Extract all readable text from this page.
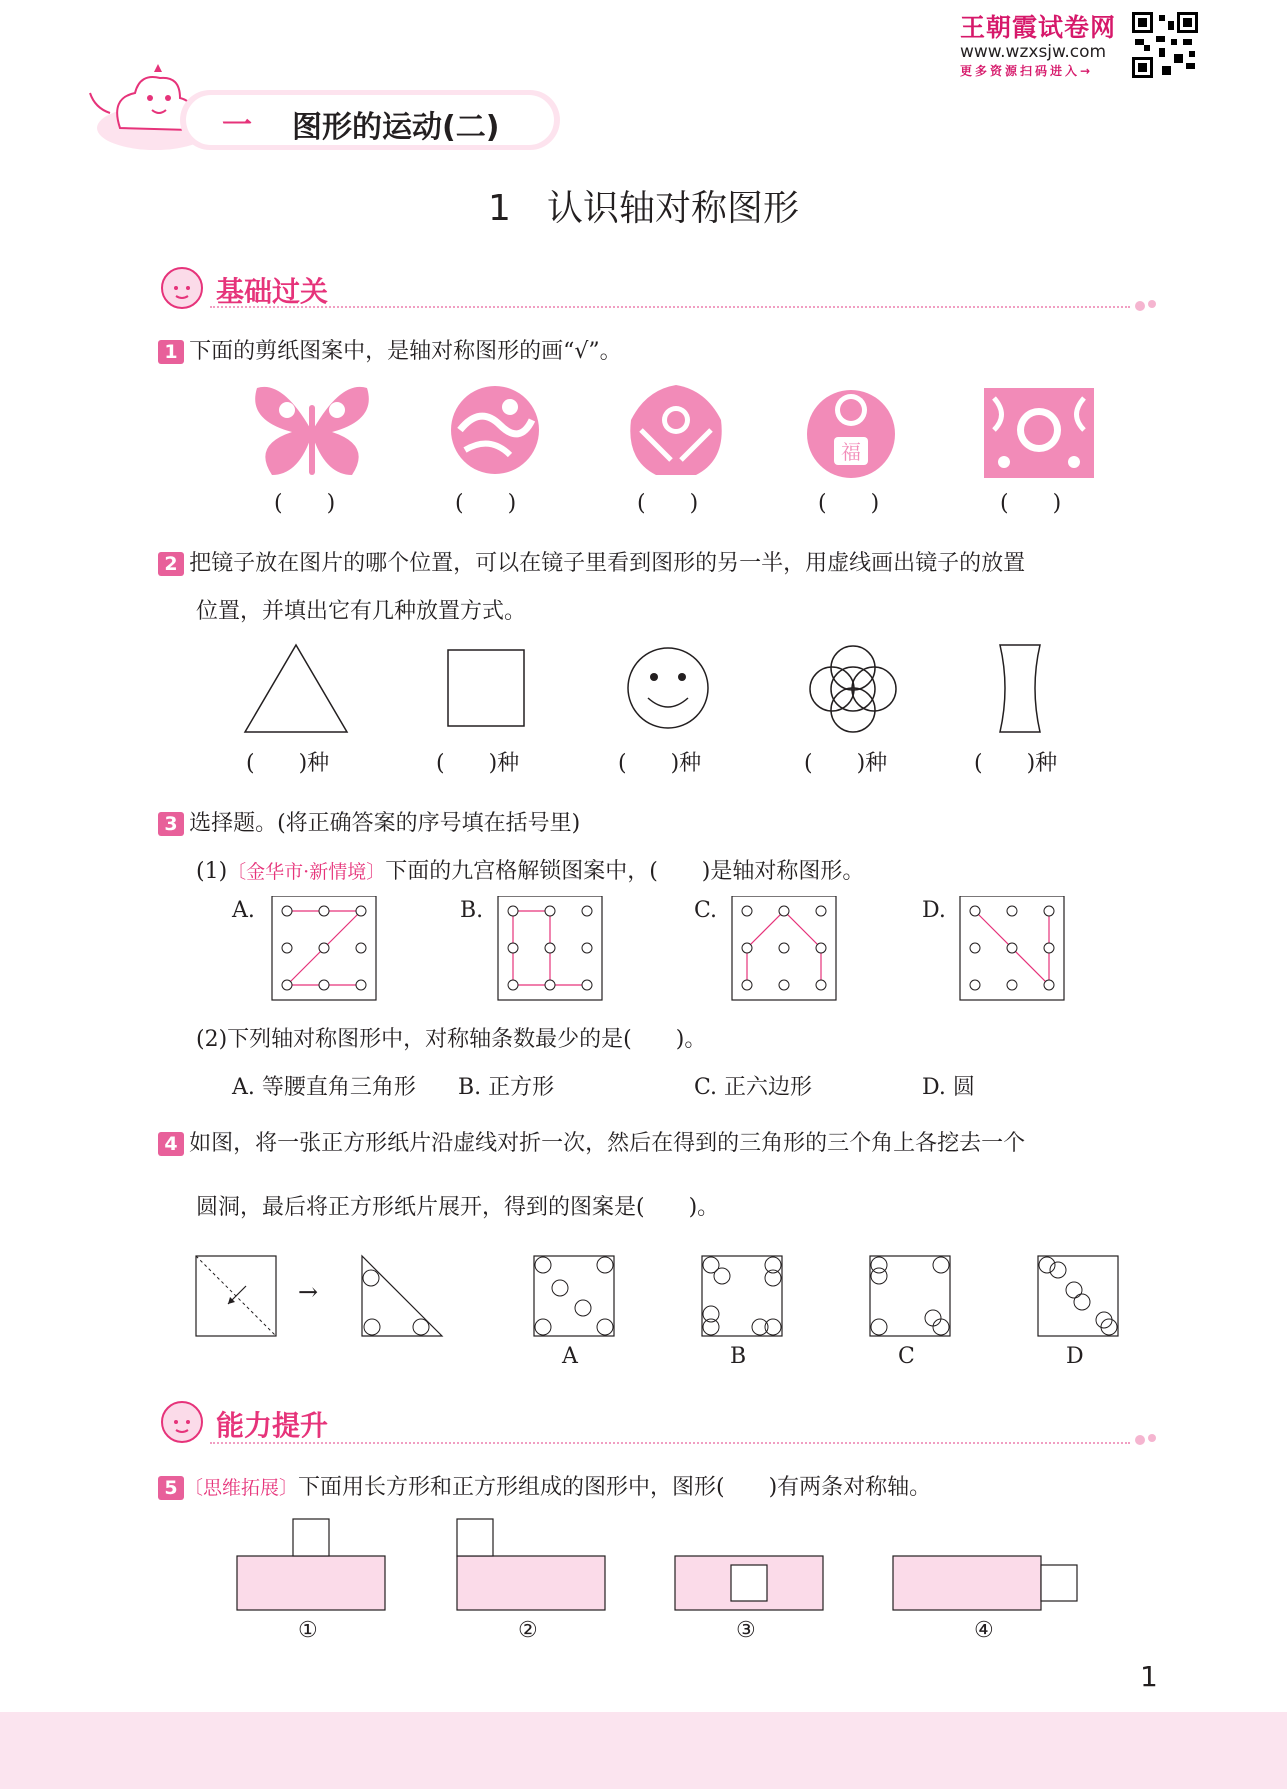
王朝霞试卷网
www.wzxsjw.com
更多资源扫码进入→
一 图形的运动(二)
1　认识轴对称图形
基础过关
1 下面的剪纸图案中，是轴对称图形的画“√”。
福
(　　)	(　　)	(　　)	(　　)	(　　)
2 把镜子放在图片的哪个位置，可以在镜子里看到图形的另一半，用虚线画出镜子的放置
位置，并填出它有几种放置方式。
(　　)种	(　　)种	(　　)种	(　　)种	(　　)种
3 选择题。(将正确答案的序号填在括号里)
(1)〔金华市·新情境〕下面的九宫格解锁图案中，(　　)是轴对称图形。
A.	B.	C.	D.
(2)下列轴对称图形中，对称轴条数最少的是(　　)。
A. 等腰直角三角形 B. 正方形	C. 正六边形	D. 圆
4 如图，将一张正方形纸片沿虚线对折一次，然后在得到的三角形的三个角上各挖去一个
圆洞，最后将正方形纸片展开，得到的图案是(　　)。
→
A	B	C	D
能力提升
5 〔思维拓展〕下面用长方形和正方形组成的图形中，图形(　　)有两条对称轴。
①	②	③	④
1
